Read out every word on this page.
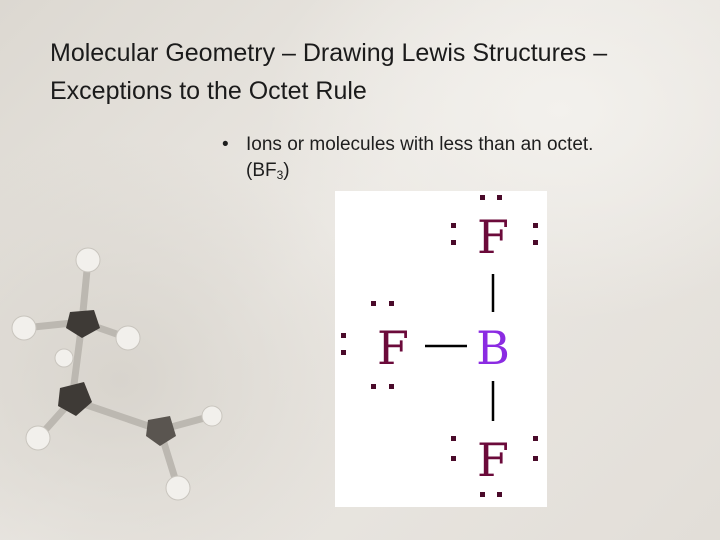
Molecular Geometry – Drawing Lewis Structures – Exceptions to the Octet Rule
• Ions or molecules with less than an octet.
$(BF_3)$
F
F B
F
